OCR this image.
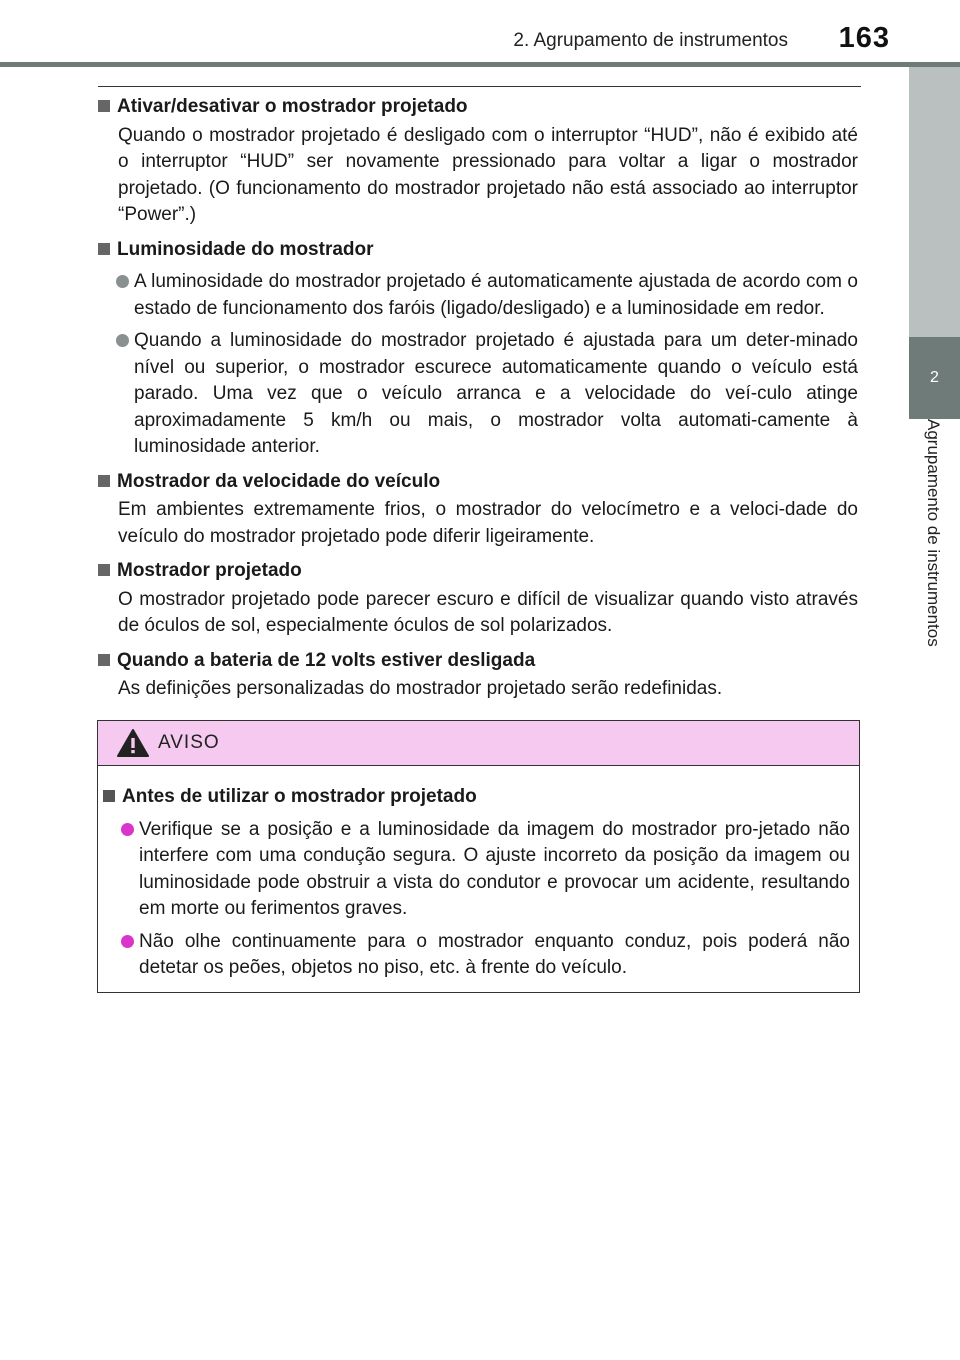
2. Agrupamento de instrumentos 163
2
Agrupamento de instrumentos
Ativar/desativar o mostrador projetado
Quando o mostrador projetado é desligado com o interruptor “HUD”, não é exibido até o interruptor “HUD” ser novamente pressionado para voltar a ligar o mostrador projetado. (O funcionamento do mostrador projetado não está associado ao interruptor “Power”.)
Luminosidade do mostrador
A luminosidade do mostrador projetado é automaticamente ajustada de acordo com o estado de funcionamento dos faróis (ligado/desligado) e a luminosidade em redor.
Quando a luminosidade do mostrador projetado é ajustada para um deter-minado nível ou superior, o mostrador escurece automaticamente quando o veículo está parado. Uma vez que o veículo arranca e a velocidade do veí-culo atinge aproximadamente 5 km/h ou mais, o mostrador volta automati-camente à luminosidade anterior.
Mostrador da velocidade do veículo
Em ambientes extremamente frios, o mostrador do velocímetro e a veloci-dade do veículo do mostrador projetado pode diferir ligeiramente.
Mostrador projetado
O mostrador projetado pode parecer escuro e difícil de visualizar quando visto através de óculos de sol, especialmente óculos de sol polarizados.
Quando a bateria de 12 volts estiver desligada
As definições personalizadas do mostrador projetado serão redefinidas.
AVISO
Antes de utilizar o mostrador projetado
Verifique se a posição e a luminosidade da imagem do mostrador pro-jetado não interfere com uma condução segura. O ajuste incorreto da posição da imagem ou luminosidade pode obstruir a vista do condutor e provocar um acidente, resultando em morte ou ferimentos graves.
Não olhe continuamente para o mostrador enquanto conduz, pois poderá não detetar os peões, objetos no piso, etc. à frente do veículo.
